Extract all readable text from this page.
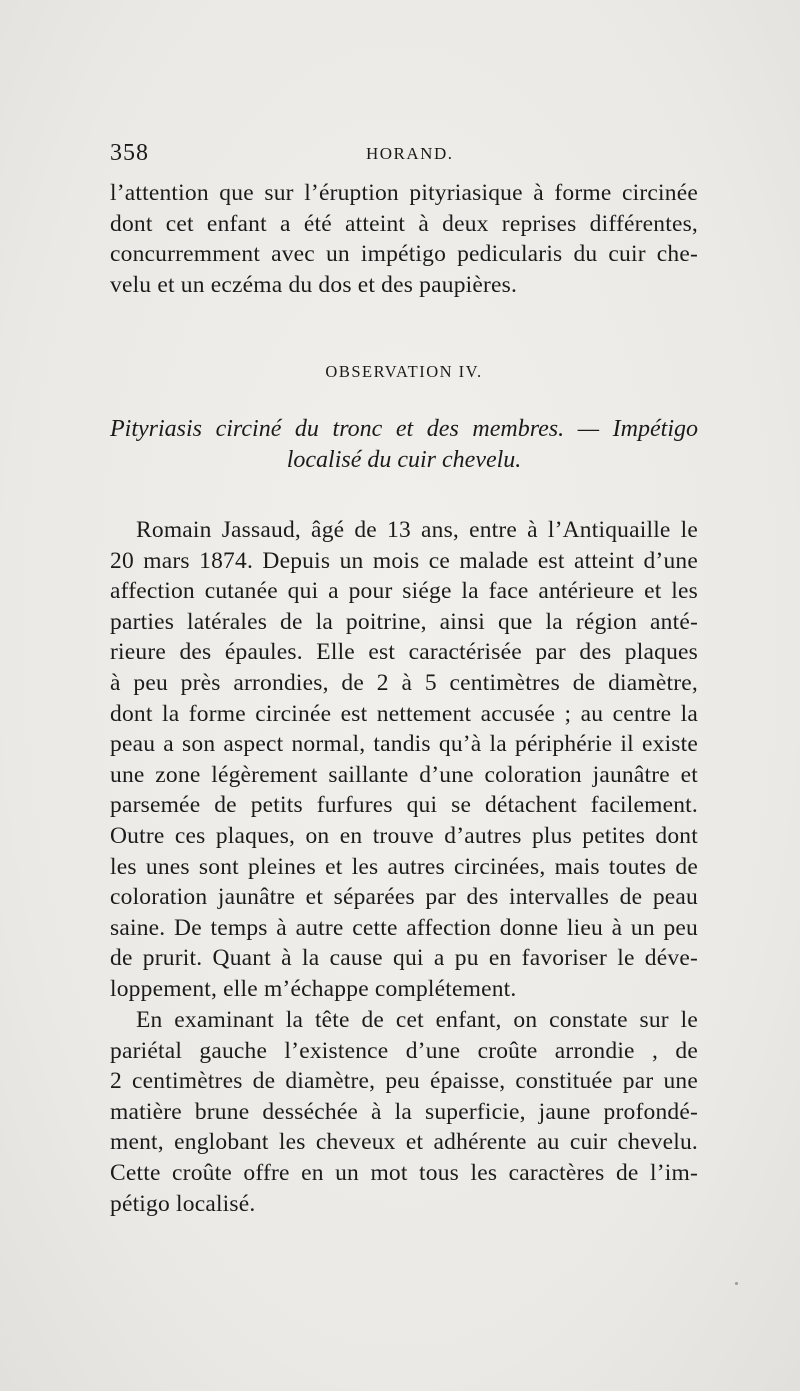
358	HORAND.
l’attention que sur l’éruption pityriasique à forme circinée
dont cet enfant a été atteint à deux reprises différentes,
concurremment avec un impétigo pedicularis du cuir che-
velu et un eczéma du dos et des paupières.
OBSERVATION IV.
Pityriasis circiné du tronc et des membres. — Impétigo
localisé du cuir chevelu.
Romain Jassaud, âgé de 13 ans, entre à l’Antiquaille le
20 mars 1874. Depuis un mois ce malade est atteint d’une
affection cutanée qui a pour siége la face antérieure et les
parties latérales de la poitrine, ainsi que la région anté-
rieure des épaules. Elle est caractérisée par des plaques
à peu près arrondies, de 2 à 5 centimètres de diamètre,
dont la forme circinée est nettement accusée ; au centre la
peau a son aspect normal, tandis qu’à la périphérie il existe
une zone légèrement saillante d’une coloration jaunâtre et
parsemée de petits furfures qui se détachent facilement.
Outre ces plaques, on en trouve d’autres plus petites dont
les unes sont pleines et les autres circinées, mais toutes de
coloration jaunâtre et séparées par des intervalles de peau
saine. De temps à autre cette affection donne lieu à un peu
de prurit. Quant à la cause qui a pu en favoriser le déve-
loppement, elle m’échappe complétement.
En examinant la tête de cet enfant, on constate sur le
pariétal gauche l’existence d’une croûte arrondie , de
2 centimètres de diamètre, peu épaisse, constituée par une
matière brune desséchée à la superficie, jaune profondé-
ment, englobant les cheveux et adhérente au cuir chevelu.
Cette croûte offre en un mot tous les caractères de l’im-
pétigo localisé.
